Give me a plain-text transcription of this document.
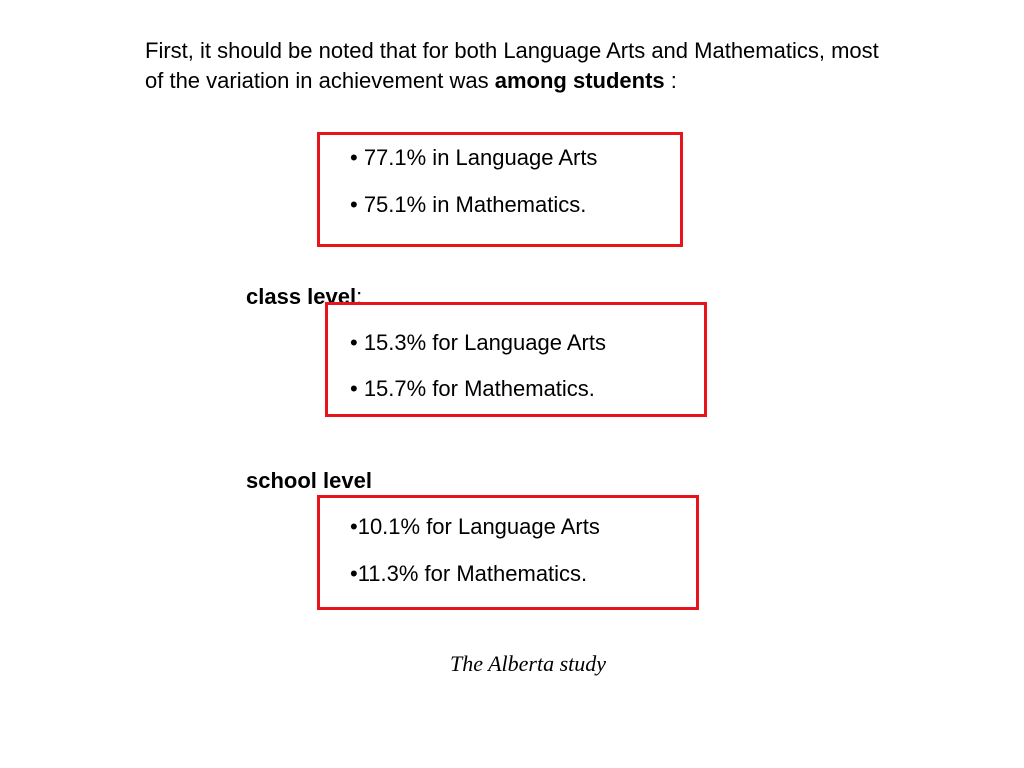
First, it should be noted that for both Language Arts and Mathematics, most of the variation in achievement was among students :

• 77.1% in Language Arts

• 75.1% in Mathematics.

class level:

• 15.3% for Language Arts

• 15.7% for Mathematics.

school level

•10.1% for Language Arts

•11.3% for Mathematics.

The Alberta study
